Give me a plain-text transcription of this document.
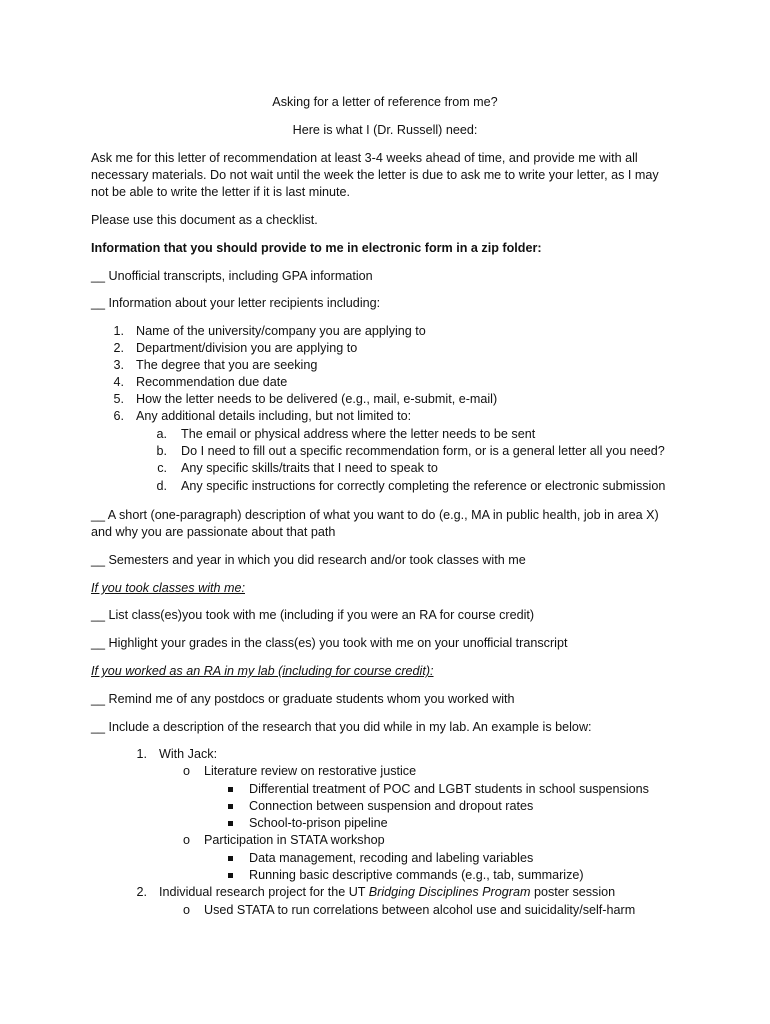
Asking for a letter of reference from me?
Here is what I (Dr. Russell) need:
Ask me for this letter of recommendation at least 3-4 weeks ahead of time, and provide me with all
necessary materials. Do not wait until the week the letter is due to ask me to write your letter, as I may
not be able to write the letter if it is last minute.
Please use this document as a checklist.
Information that you should provide to me in electronic form in a zip folder:
__ Unofficial transcripts, including GPA information
__ Information about your letter recipients including:
1. Name of the university/company you are applying to
2. Department/division you are applying to
3. The degree that you are seeking
4. Recommendation due date
5. How the letter needs to be delivered (e.g., mail, e-submit, e-mail)
6. Any additional details including, but not limited to:
a. The email or physical address where the letter needs to be sent
b. Do I need to fill out a specific recommendation form, or is a general letter all you need?
c. Any specific skills/traits that I need to speak to
d. Any specific instructions for correctly completing the reference or electronic submission
__ A short (one-paragraph) description of what you want to do (e.g., MA in public health, job in area X)
and why you are passionate about that path
__ Semesters and year in which you did research and/or took classes with me
If you took classes with me:
__ List class(es)you took with me (including if you were an RA for course credit)
__ Highlight your grades in the class(es) you took with me on your unofficial transcript
If you worked as an RA in my lab (including for course credit):
__ Remind me of any postdocs or graduate students whom you worked with
__ Include a description of the research that you did while in my lab. An example is below:
1. With Jack:
o Literature review on restorative justice
Differential treatment of POC and LGBT students in school suspensions
Connection between suspension and dropout rates
School-to-prison pipeline
o Participation in STATA workshop
Data management, recoding and labeling variables
Running basic descriptive commands (e.g., tab, summarize)
2. Individual research project for the UT Bridging Disciplines Program poster session
o Used STATA to run correlations between alcohol use and suicidality/self-harm
